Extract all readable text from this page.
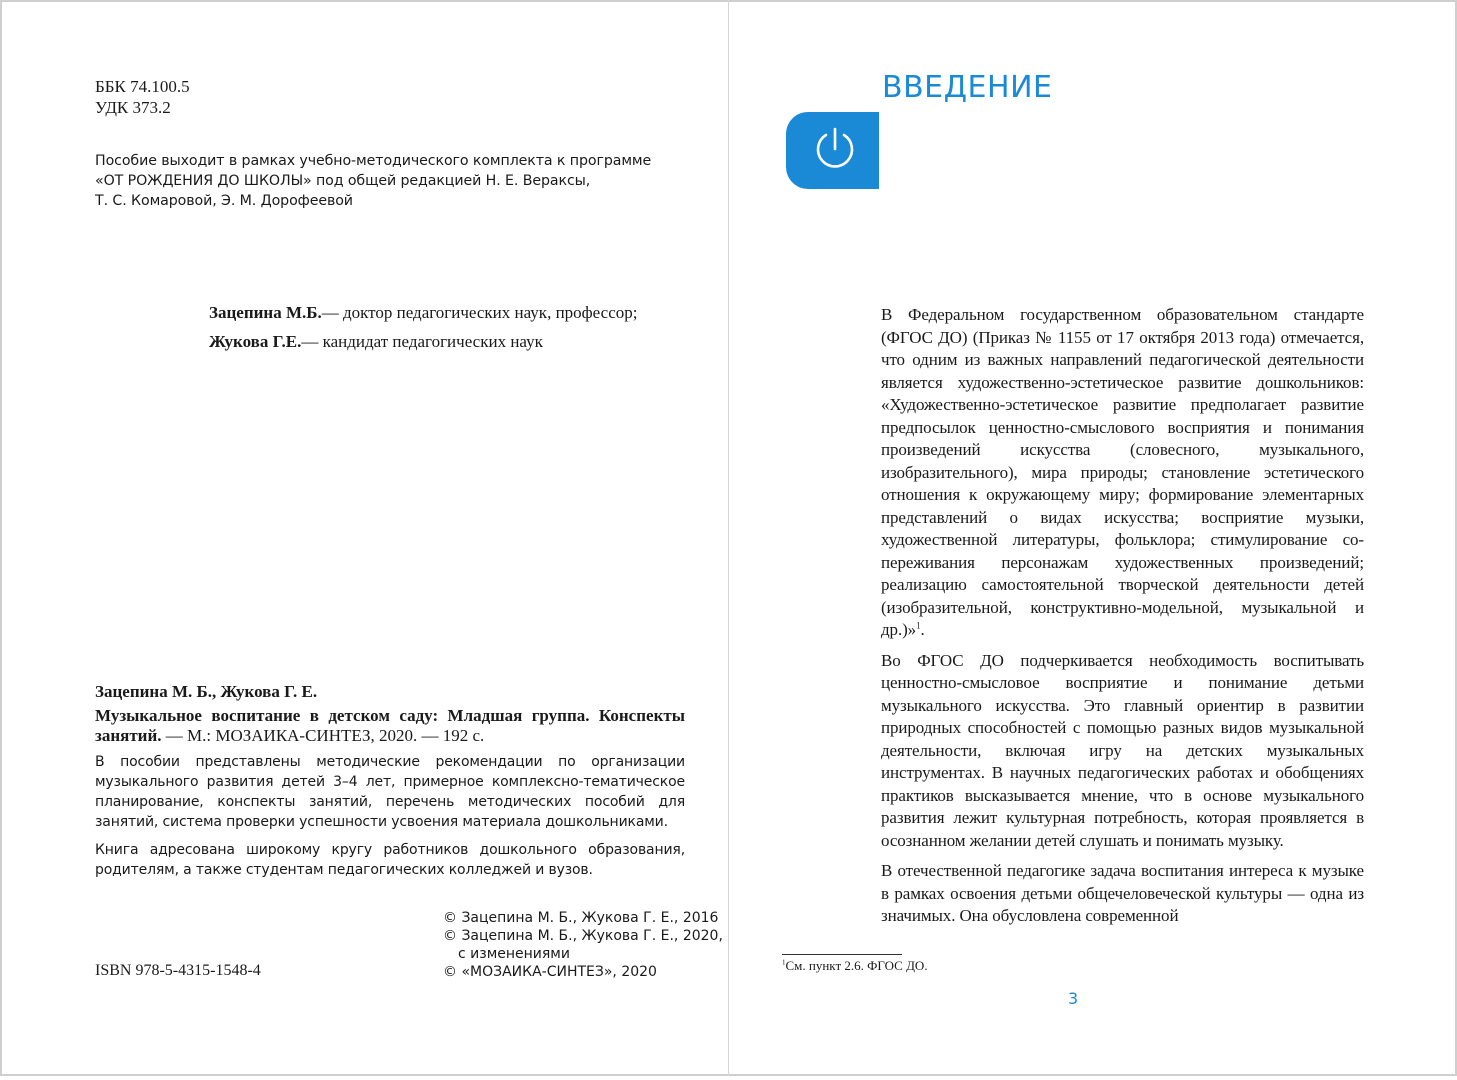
ББК 74.100.5
УДК 373.2
Пособие выходит в рамках учебно-методического комплекта к программе
«ОТ РОЖДЕНИЯ ДО ШКОЛЫ» под общей редакцией Н. Е. Вераксы,
Т. С. Комаровой, Э. М. Дорофеевой
Зацепина М.Б.— доктор педагогических наук, профессор;
Жукова Г.Е.— кандидат педагогических наук
Зацепина М. Б., Жукова Г. Е.
Музыкальное воспитание в детском саду: Младшая группа. Конспекты занятий. — М.: МОЗАИКА-СИНТЕЗ, 2020. — 192 с.

В пособии представлены методические рекомендации по организации музыкального развития детей 3–4 лет, примерное комплексно-тематическое планирование, конспекты занятий, перечень методических пособий для занятий, система проверки успешности усвоения материала дошкольниками.

Книга адресована широкому кругу работников дошкольного образования, родителям, а также студентам педагогических колледжей и вузов.

© Зацепина М. Б., Жукова Г. Е., 2016
© Зацепина М. Б., Жукова Г. Е., 2020,
с изменениями
© «МОЗАИКА-СИНТЕЗ», 2020
ISBN 978-5-4315-1548-4
ВВЕДЕНИЕ

В Федеральном государственном образовательном стандарте (ФГОС ДО) (Приказ № 1155 от 17 октября 2013 года) отмечается, что одним из важных направлений педагогической деятельности является художественно-эстетическое развитие дошкольников: «Художественно-эстетическое развитие предполагает развитие предпосылок ценностно-смыслового восприятия и понимания произведений искусства (словесного, музыкального, изобразительного), мира природы; становление эстетического отношения к окружающему миру; формирование элементарных представлений о видах искусства; восприятие музыки, художественной литературы, фольклора; стимулирование со-переживания персонажам художественных произведений; реализацию самостоятельной творческой деятельности детей (изобразительной, конструктивно-модельной, музыкальной и др.)»$^1$.

Во ФГОС ДО подчеркивается необходимость воспитывать ценностно-смысловое восприятие и понимание детьми музыкального искусства. Это главный ориентир в развитии природных способностей с помощью разных видов музыкальной деятельности, включая игру на детских музыкальных инструментах. В научных педагогических работах и обобщениях практиков высказывается мнение, что в основе музыкального развития лежит культурная потребность, которая проявляется в осознанном желании детей слушать и понимать музыку.

В отечественной педагогике задача воспитания интереса к музыке в рамках освоения детьми общечеловеческой культуры — одна из значимых. Она обусловлена современной

$^1$См. пункт 2.6. ФГОС ДО.
3
